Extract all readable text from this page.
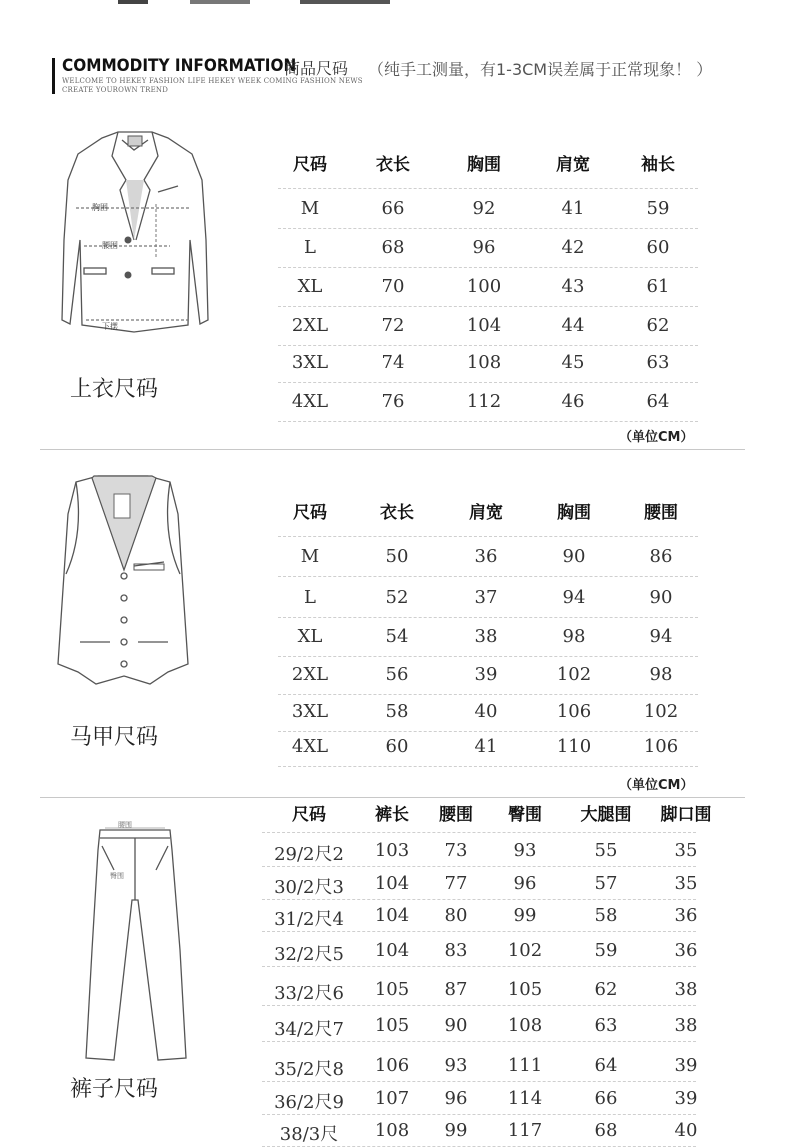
COMMODITY INFORMATION
商品尺码 （纯手工测量，有1-3CM误差属于正常现象！ ）
WELCOME TO HEKEY FASHION LIFE HEKEY WEEK COMING FASHION NEWS
CREATE YOUROWN TREND
胸围
腰围
下摆
上衣尺码
尺码	衣长	胸围	肩宽	袖长
M	66	92	41	59
L	68	96	42	60
XL	70	100	43	61
2XL	72	104	44	62
3XL	74	108	45	63
4XL	76	112	46	64
（单位CM）
马甲尺码
尺码	衣长	肩宽	胸围	腰围
M	50	36	90	86
L	52	37	94	90
XL	54	38	98	94
2XL	56	39	102	98
3XL	58	40	106	102
4XL	60	41	110	106
（单位CM）
腰围
臀围
裤子尺码
尺码	裤长 腰围 臀围 大腿围 脚口围
29/2尺2 103 73	93	55	35
30/2尺3 104 77	96	57	35
31/2尺4 104 80	99	58	36
32/2尺5 104 83 102	59	36
33/2尺6 105 87 105	62	38
34/2尺7 105 90 108	63	38
35/2尺8 106 93 111	64	39
36/2尺9 107 96 114	66	39
38/3尺 108 99 117	68	40
